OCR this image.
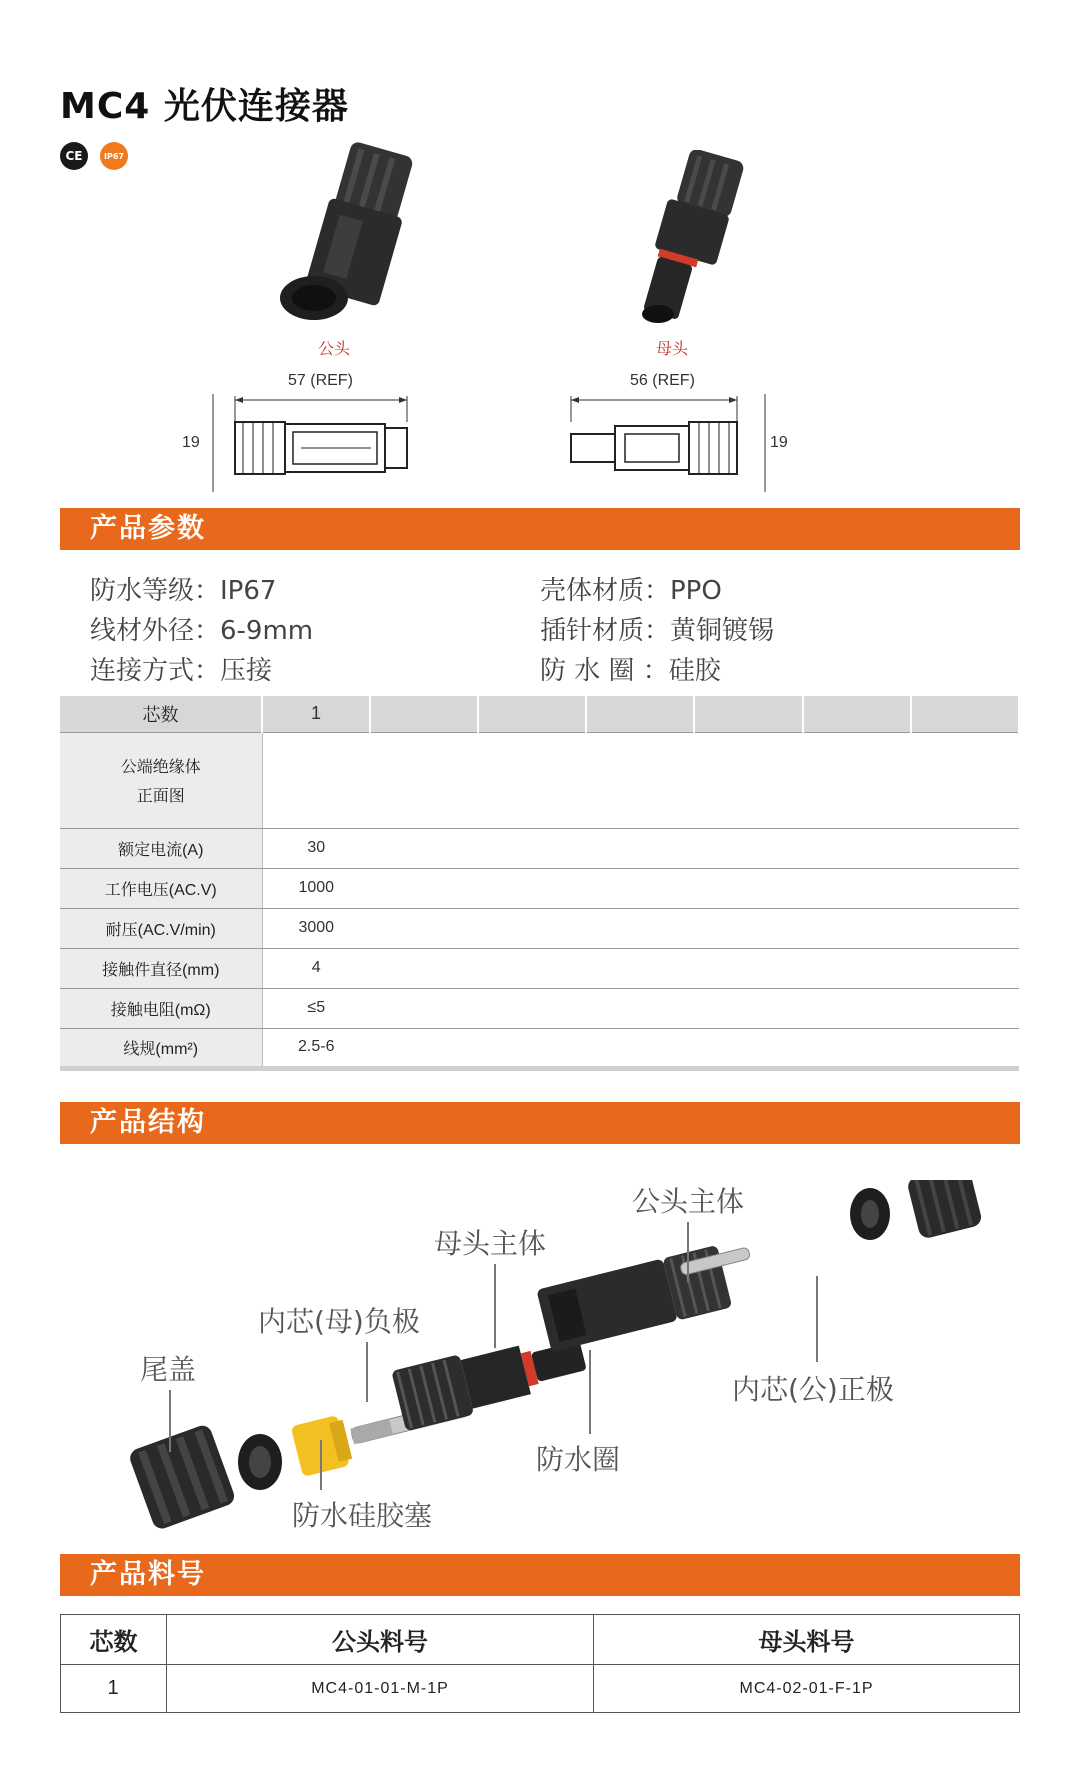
MC4 光伏连接器
CE	IP67
公头	母头
57 (REF)
19
56 (REF)
19
产品参数
防水等级：IP67	壳体材质：PPO
线材外径：6-9mm	插针材质：黄铜镀锡
连接方式：压接	防 水 圈 ：硅胶
芯数	1						

公端绝缘体
正面图							

额定电流(A)	30						
工作电压(AC.V)	1000						
耐压(AC.V/min)	3000						
接触件直径(mm)	4						
接触电阻(mΩ)	≤5						
线规(mm²)	2.5-6						
产品结构
公头主体
母头主体
内芯(母)负极
尾盖
内芯(公)正极
防水圈
防水硅胶塞
产品料号
芯数	公头料号	母头料号
1	MC4-01-01-M-1P	MC4-02-01-F-1P
